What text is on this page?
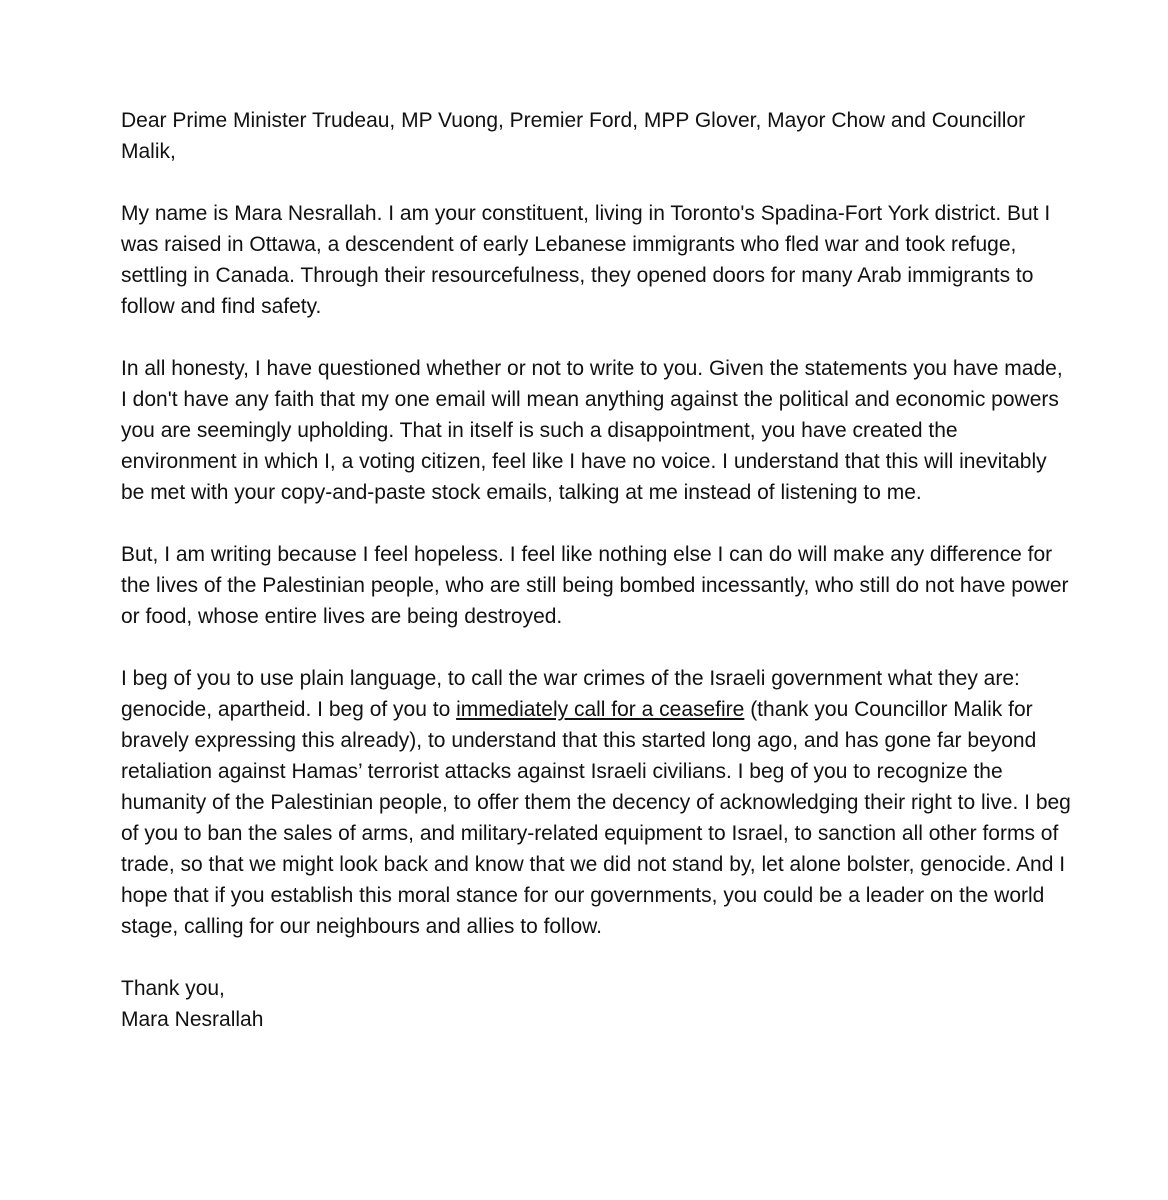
Dear Prime Minister Trudeau, MP Vuong, Premier Ford, MPP Glover, Mayor Chow and Councillor Malik,

My name is Mara Nesrallah. I am your constituent, living in Toronto's Spadina-Fort York district. But I was raised in Ottawa, a descendent of early Lebanese immigrants who fled war and took refuge, settling in Canada. Through their resourcefulness, they opened doors for many Arab immigrants to follow and find safety.

In all honesty, I have questioned whether or not to write to you. Given the statements you have made, I don't have any faith that my one email will mean anything against the political and economic powers you are seemingly upholding. That in itself is such a disappointment, you have created the environment in which I, a voting citizen, feel like I have no voice. I understand that this will inevitably be met with your copy-and-paste stock emails, talking at me instead of listening to me.

But, I am writing because I feel hopeless. I feel like nothing else I can do will make any difference for the lives of the Palestinian people, who are still being bombed incessantly, who still do not have power or food, whose entire lives are being destroyed.

I beg of you to use plain language, to call the war crimes of the Israeli government what they are: genocide, apartheid. I beg of you to immediately call for a ceasefire (thank you Councillor Malik for bravely expressing this already), to understand that this started long ago, and has gone far beyond retaliation against Hamas’ terrorist attacks against Israeli civilians. I beg of you to recognize the humanity of the Palestinian people, to offer them the decency of acknowledging their right to live. I beg of you to ban the sales of arms, and military-related equipment to Israel, to sanction all other forms of trade, so that we might look back and know that we did not stand by, let alone bolster, genocide. And I hope that if you establish this moral stance for our governments, you could be a leader on the world stage, calling for our neighbours and allies to follow.

Thank you,

Mara Nesrallah
